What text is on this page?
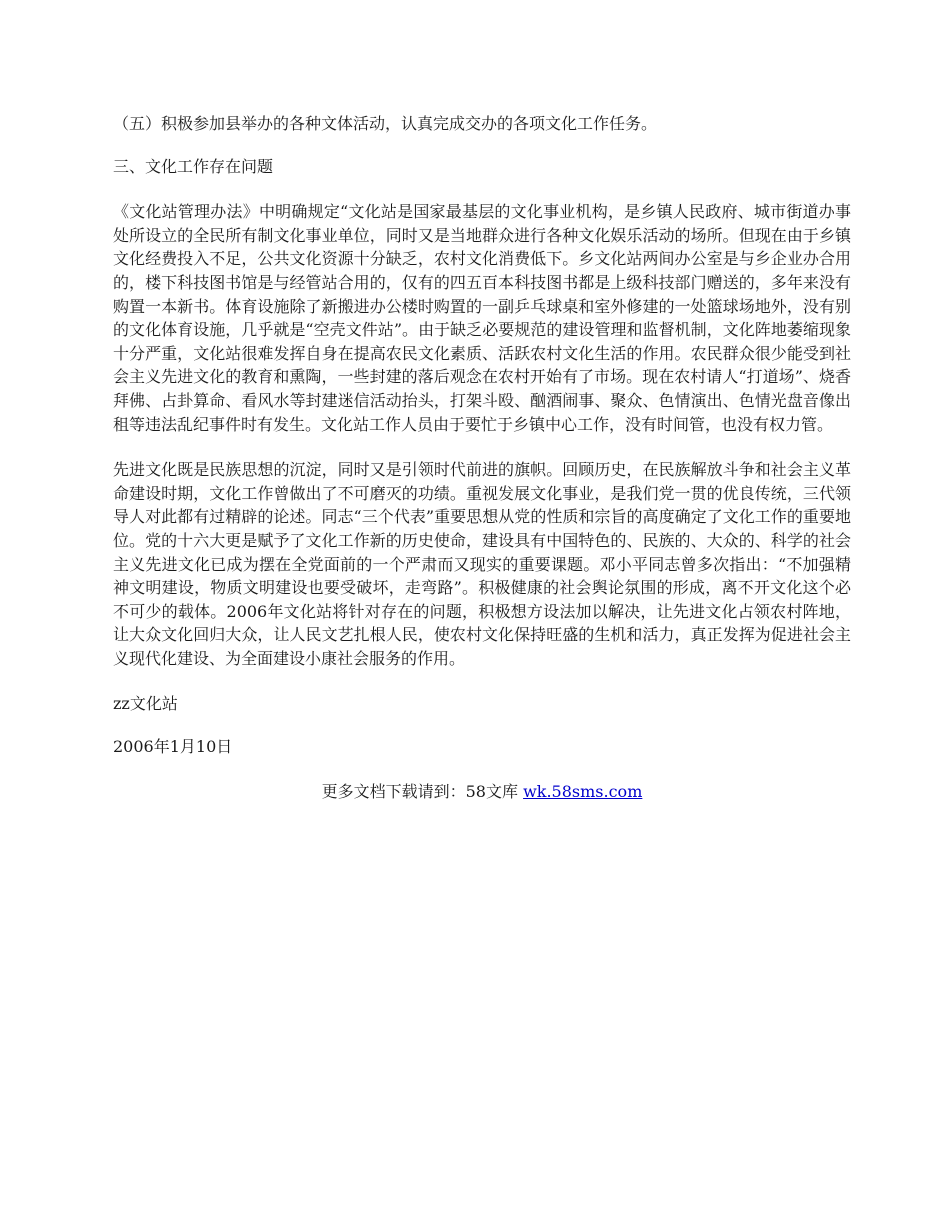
（五）积极参加县举办的各种文体活动，认真完成交办的各项文化工作任务。

三、文化工作存在问题

《文化站管理办法》中明确规定“文化站是国家最基层的文化事业机构，是乡镇人民政府、城市街道办事处所设立的全民所有制文化事业单位，同时又是当地群众进行各种文化娱乐活动的场所。但现在由于乡镇文化经费投入不足，公共文化资源十分缺乏，农村文化消费低下。乡文化站两间办公室是与乡企业办合用的，楼下科技图书馆是与经管站合用的，仅有的四五百本科技图书都是上级科技部门赠送的，多年来没有购置一本新书。体育设施除了新搬进办公楼时购置的一副乒乓球桌和室外修建的一处篮球场地外，没有别的文化体育设施，几乎就是“空壳文件站”。由于缺乏必要规范的建设管理和监督机制，文化阵地萎缩现象十分严重，文化站很难发挥自身在提高农民文化素质、活跃农村文化生活的作用。农民群众很少能受到社会主义先进文化的教育和熏陶，一些封建的落后观念在农村开始有了市场。现在农村请人“打道场”、烧香拜佛、占卦算命、看风水等封建迷信活动抬头，打架斗殴、酗酒闹事、聚众、色情演出、色情光盘音像出租等违法乱纪事件时有发生。文化站工作人员由于要忙于乡镇中心工作，没有时间管，也没有权力管。

先进文化既是民族思想的沉淀，同时又是引领时代前进的旗帜。回顾历史，在民族解放斗争和社会主义革命建设时期，文化工作曾做出了不可磨灭的功绩。重视发展文化事业，是我们党一贯的优良传统，三代领导人对此都有过精辟的论述。同志“三个代表”重要思想从党的性质和宗旨的高度确定了文化工作的重要地位。党的十六大更是赋予了文化工作新的历史使命，建设具有中国特色的、民族的、大众的、科学的社会主义先进文化已成为摆在全党面前的一个严肃而又现实的重要课题。邓小平同志曾多次指出：“不加强精神文明建设，物质文明建设也要受破坏，走弯路”。积极健康的社会舆论氛围的形成，离不开文化这个必不可少的载体。2006年文化站将针对存在的问题，积极想方设法加以解决，让先进文化占领农村阵地，让大众文化回归大众，让人民文艺扎根人民，使农村文化保持旺盛的生机和活力，真正发挥为促进社会主义现代化建设、为全面建设小康社会服务的作用。

zz文化站

2006年1月10日

更多文档下载请到：58文库 wk.58sms.com
